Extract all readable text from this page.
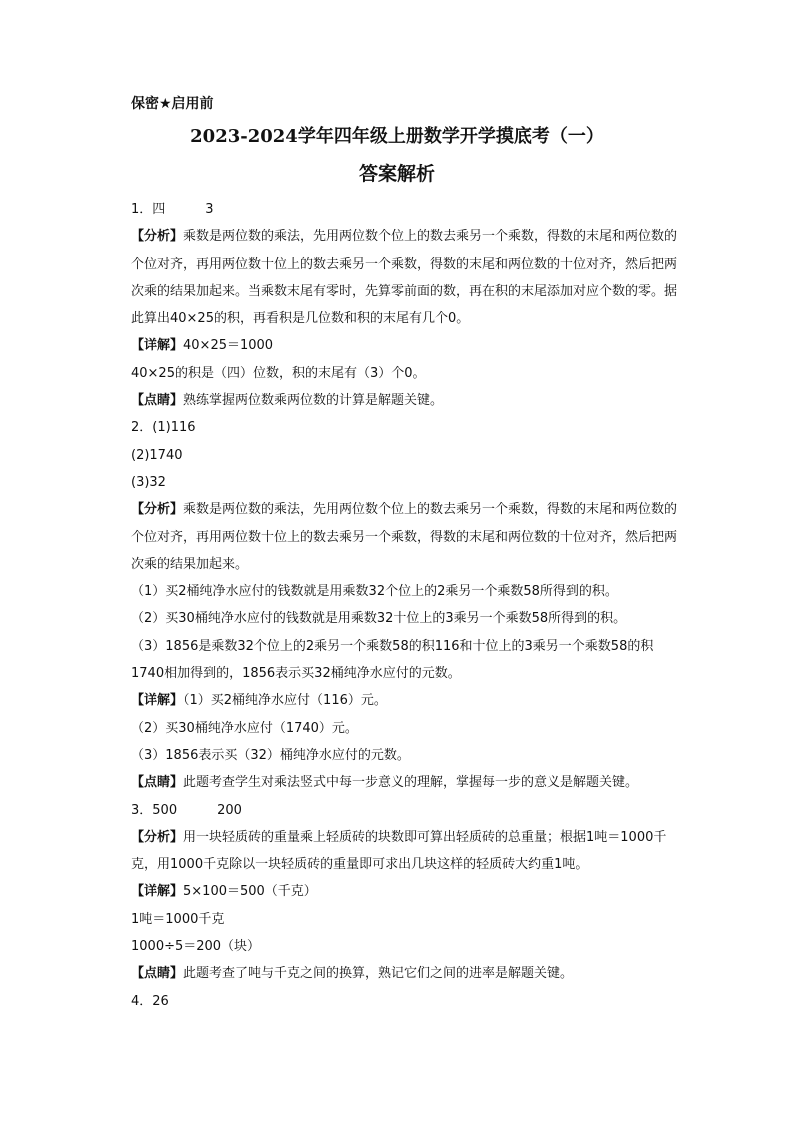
保密★启用前
2023-2024学年四年级上册数学开学摸底考（一）
答案解析
1．四	3
【分析】乘数是两位数的乘法，先用两位数个位上的数去乘另一个乘数，得数的末尾和两位数的个位对齐，再用两位数十位上的数去乘另一个乘数，得数的末尾和两位数的十位对齐，然后把两次乘的结果加起来。当乘数末尾有零时，先算零前面的数，再在积的末尾添加对应个数的零。据此算出40×25的积，再看积是几位数和积的末尾有几个0。
【详解】40×25＝1000
40×25的积是（四）位数，积的末尾有（3）个0。
【点睛】熟练掌握两位数乘两位数的计算是解题关键。
2．(1)116
(2)1740
(3)32
【分析】乘数是两位数的乘法，先用两位数个位上的数去乘另一个乘数，得数的末尾和两位数的个位对齐，再用两位数十位上的数去乘另一个乘数，得数的末尾和两位数的十位对齐，然后把两次乘的结果加起来。
（1）买2桶纯净水应付的钱数就是用乘数32个位上的2乘另一个乘数58所得到的积。
（2）买30桶纯净水应付的钱数就是用乘数32十位上的3乘另一个乘数58所得到的积。
（3）1856是乘数32个位上的2乘另一个乘数58的积116和十位上的3乘另一个乘数58的积1740相加得到的，1856表示买32桶纯净水应付的元数。
【详解】（1）买2桶纯净水应付（116）元。
（2）买30桶纯净水应付（1740）元。
（3）1856表示买（32）桶纯净水应付的元数。
【点睛】此题考查学生对乘法竖式中每一步意义的理解，掌握每一步的意义是解题关键。
3．500	200
【分析】用一块轻质砖的重量乘上轻质砖的块数即可算出轻质砖的总重量；根据1吨＝1000千克，用1000千克除以一块轻质砖的重量即可求出几块这样的轻质砖大约重1吨。
【详解】5×100＝500（千克）
1吨＝1000千克
1000÷5＝200（块）
【点睛】此题考查了吨与千克之间的换算，熟记它们之间的进率是解题关键。
4．26
